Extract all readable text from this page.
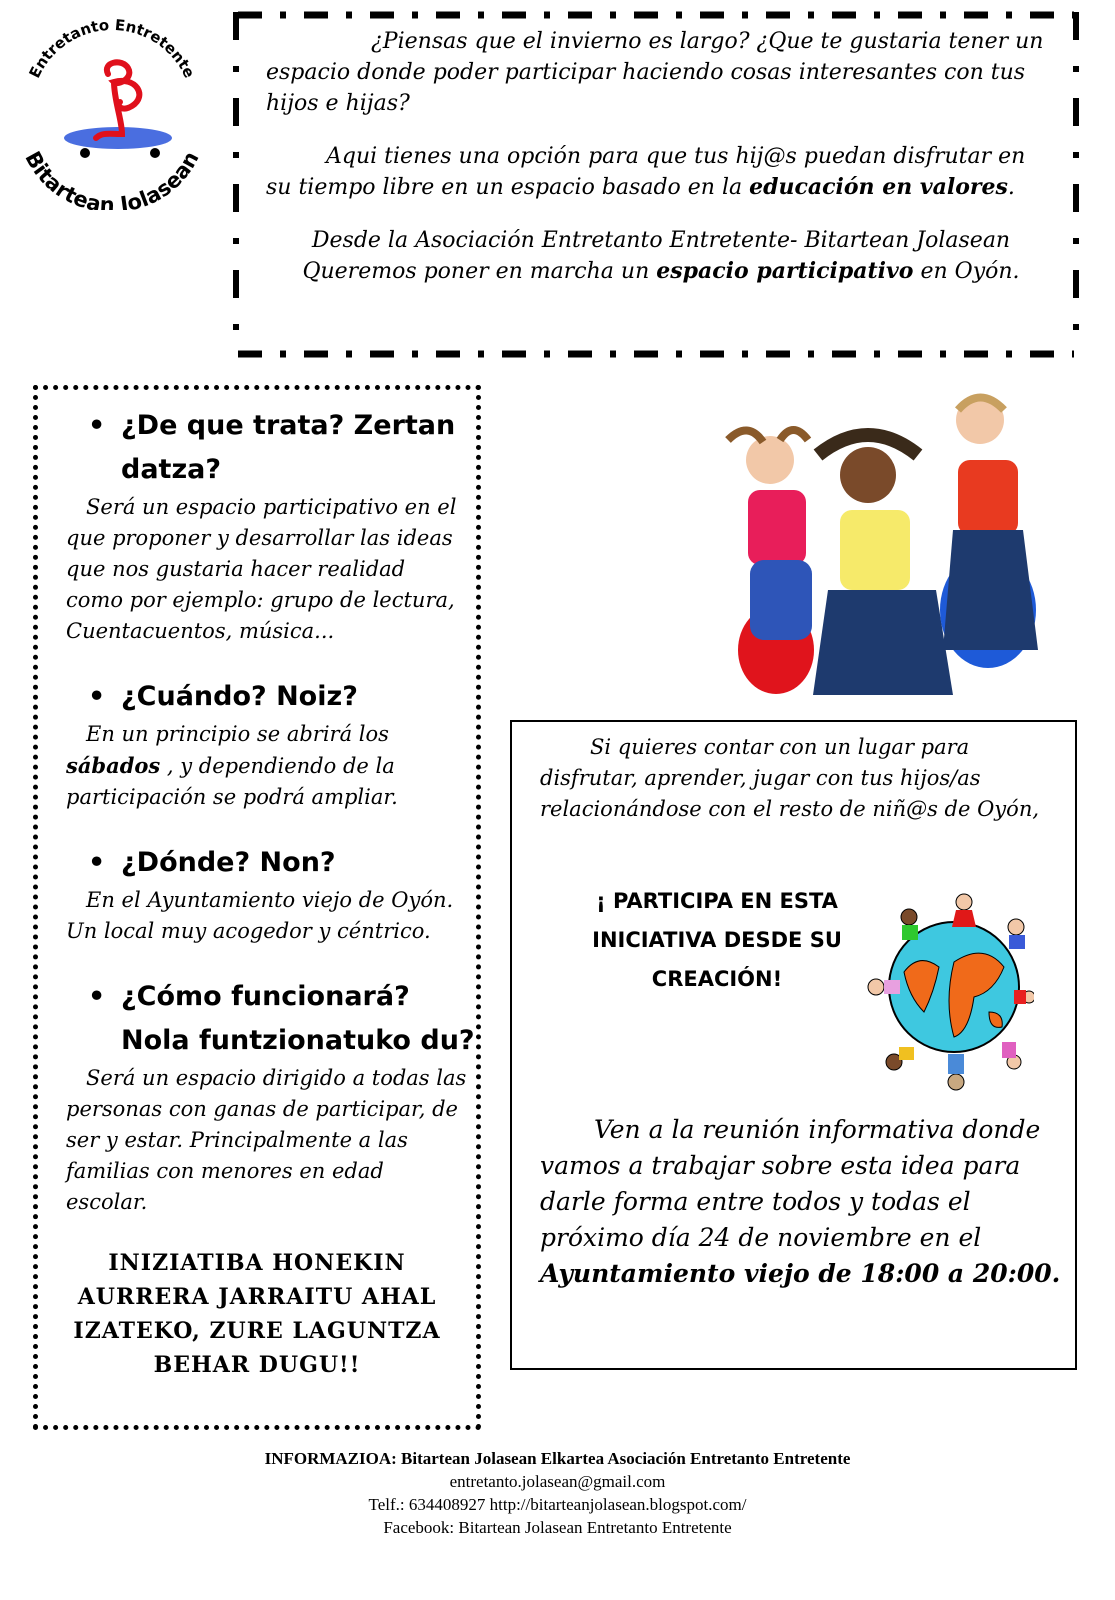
Entretanto Entretente
Bitartean Jolasean

¿Piensas que el invierno es largo? ¿Que te gustaria tener un espacio donde poder participar haciendo cosas interesantes con tus hijos e hijas?

Aqui tienes una opción para que tus hij@s puedan disfrutar en su tiempo libre en un espacio basado en la educación en valores.

Desde la Asociación Entretanto Entretente- Bitartean Jolasean Queremos poner en marcha un espacio participativo en Oyón.

• ¿De que trata? Zertan datza?

Será un espacio participativo en el que proponer y desarrollar las ideas que nos gustaria hacer realidad como por ejemplo: grupo de lectura, Cuentacuentos, música...

• ¿Cuándo? Noiz?

En un principio se abrirá los sábados , y dependiendo de la participación se podrá ampliar.

• ¿Dónde? Non?

En el Ayuntamiento viejo de Oyón. Un local muy acogedor y céntrico.

• ¿Cómo funcionará?
Nola funtzionatuko du?

Será un espacio dirigido a todas las personas con ganas de participar, de ser y estar. Principalmente a las familias con menores en edad escolar.

INIZIATIBA HONEKIN AURRERA JARRAITU AHAL IZATEKO, ZURE LAGUNTZA BEHAR DUGU!!

Si quieres contar con un lugar para disfrutar, aprender, jugar con tus hijos/as relacionándose con el resto de niñ@s de Oyón,

¡ PARTICIPA EN ESTA INICIATIVA DESDE SU CREACIÓN!

Ven a la reunión informativa donde vamos a trabajar sobre esta idea para darle forma entre todos y todas el próximo día 24 de noviembre en el Ayuntamiento viejo de 18:00 a 20:00.

INFORMAZIOA: Bitartean Jolasean Elkartea Asociación Entretanto Entretente
entretanto.jolasean@gmail.com
Telf.: 634408927 http://bitarteanjolasean.blogspot.com/
Facebook: Bitartean Jolasean Entretanto Entretente
